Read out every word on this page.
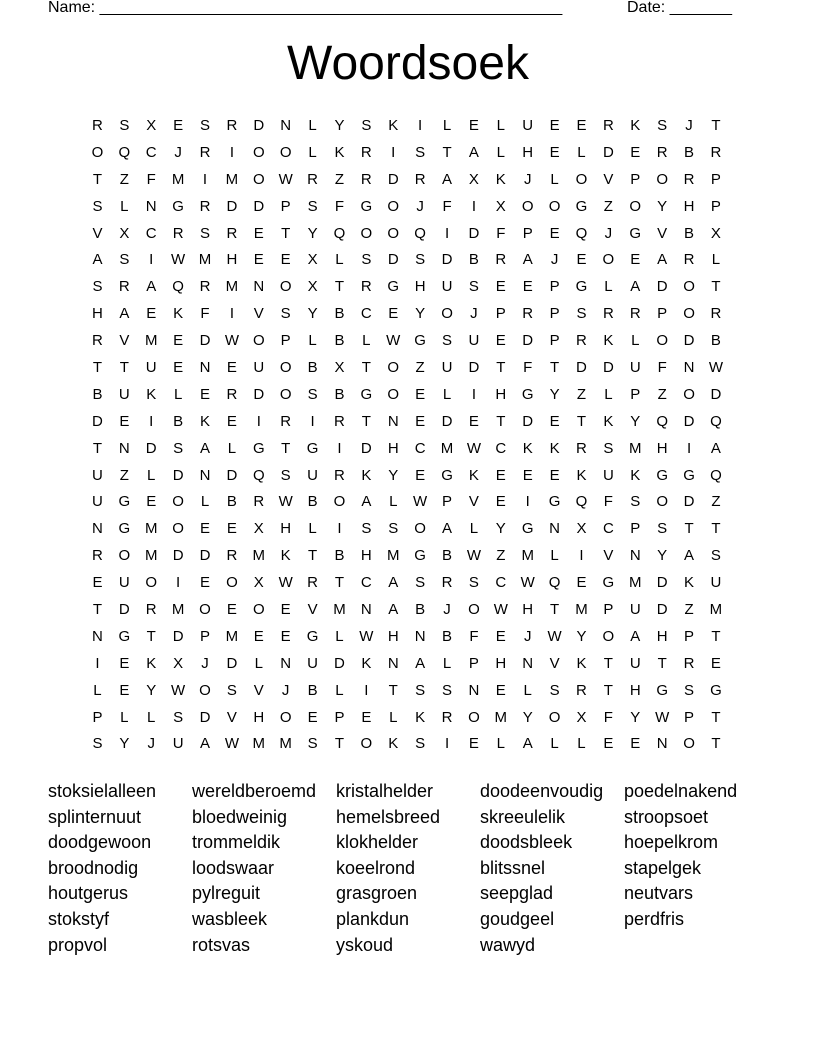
Name: ____________________________________________________	Date: _______
Woordsoek
R	S	X	E	S	R	D	N	L	Y	S	K	I	L	E	L	U	E	E	R	K	S	J	T
O	Q	C	J	R	I	O	O	L	K	R	I	S	T	A	L	H	E	L	D	E	R	B	R
T	Z	F	M	I	M O W R	Z	R	D	R	A	X	K	J	L	O	V	P	O	R	P
S	L	N	G	R	D	D	P	S	F	G	O	J	F	I	X	O	O	G	Z	O	Y	H	P
V	X	C	R	S	R	E	T	Y	Q	O	O	Q	I	D	F	P	E	Q	J	G	V	B	X
A	S	I	W M	H	E	E	X	L	S	D	S	D	B	R	A	J	E	O	E	A	R	L
S	R	A	Q	R	M	N	O	X	T	R	G	H	U	S	E	E	P	G	L	A	D	O	T
H	A	E	K	F	I	V	S	Y	B	C	E	Y	O	J	P	R	P	S	R	R	P	O	R
R	V	M	E	D W O	P	L	B	L	W G	S	U	E	D	P	R	K	L	O	D	B
T	T	U	E	N	E	U	O	B	X	T	O	Z	U	D	T	F	T	D	D	U	F	N W
B	U	K	L	E	R	D	O	S	B	G	O	E	L	I	H	G	Y	Z	L	P	Z	O	D
D	E	I	B	K	E	I	R	I	R	T	N	E	D	E	T	D	E	T	K	Y	Q	D	Q
T	N	D	S	A	L	G	T	G	I	D	H	C	M W C	K	K	R	S	M	H	I	A
U	Z	L	D	N	D	Q	S	U	R	K	Y	E	G	K	E	E	E	K	U	K	G	G	Q
U	G	E	O	L	B	R W B	O	A	L	W P	V	E	I	G	Q	F	S	O	D	Z
N	G M O	E	E	X	H	L	I	S	S	O	A	L	Y	G	N	X	C	P	S	T	T
R	O M	D	D	R	M	K	T	B	H	M G	B W	Z	M	L	I	V	N	Y	A	S
E	U	O	I	E	O	X W R	T	C	A	S	R	S	C W Q	E	G M	D	K	U
T	D	R	M O	E	O	E	V	M	N	A	B	J	O W H	T	M	P	U	D	Z	M
N	G	T	D	P	M	E	E	G	L	W H	N	B	F	E	J	W Y	O	A	H	P	T
I	E	K	X	J	D	L	N	U	D	K	N	A	L	P	H	N	V	K	T	U	T	R	E
L	E	Y W O	S	V	J	B	L	I	T	S	S	N	E	L	S	R	T	H	G	S	G
P	L	L	S	D	V	H	O	E	P	E	L	K	R	O M	Y	O	X	F	Y W P	T
S	Y	J	U	A W M M	S	T	O	K	S	I	E	L	A	L	L	E	E	N	O	T
stoksielalleen	wereldberoemd	kristalhelder	doodeenvoudig	poedelnakend
splinternuut	bloedweinig	hemelsbreed	skreeulelik	stroopsoet
doodgewoon	trommeldik	klokhelder	doodsbleek	hoepelkrom
broodnodig	loodswaar	koeelrond	blitssnel	stapelgek
houtgerus	pylreguit	grasgroen	seepglad	neutvars
stokstyf	wasbleek	plankdun	goudgeel	perdfris
propvol	rotsvas	yskoud	wawyd
